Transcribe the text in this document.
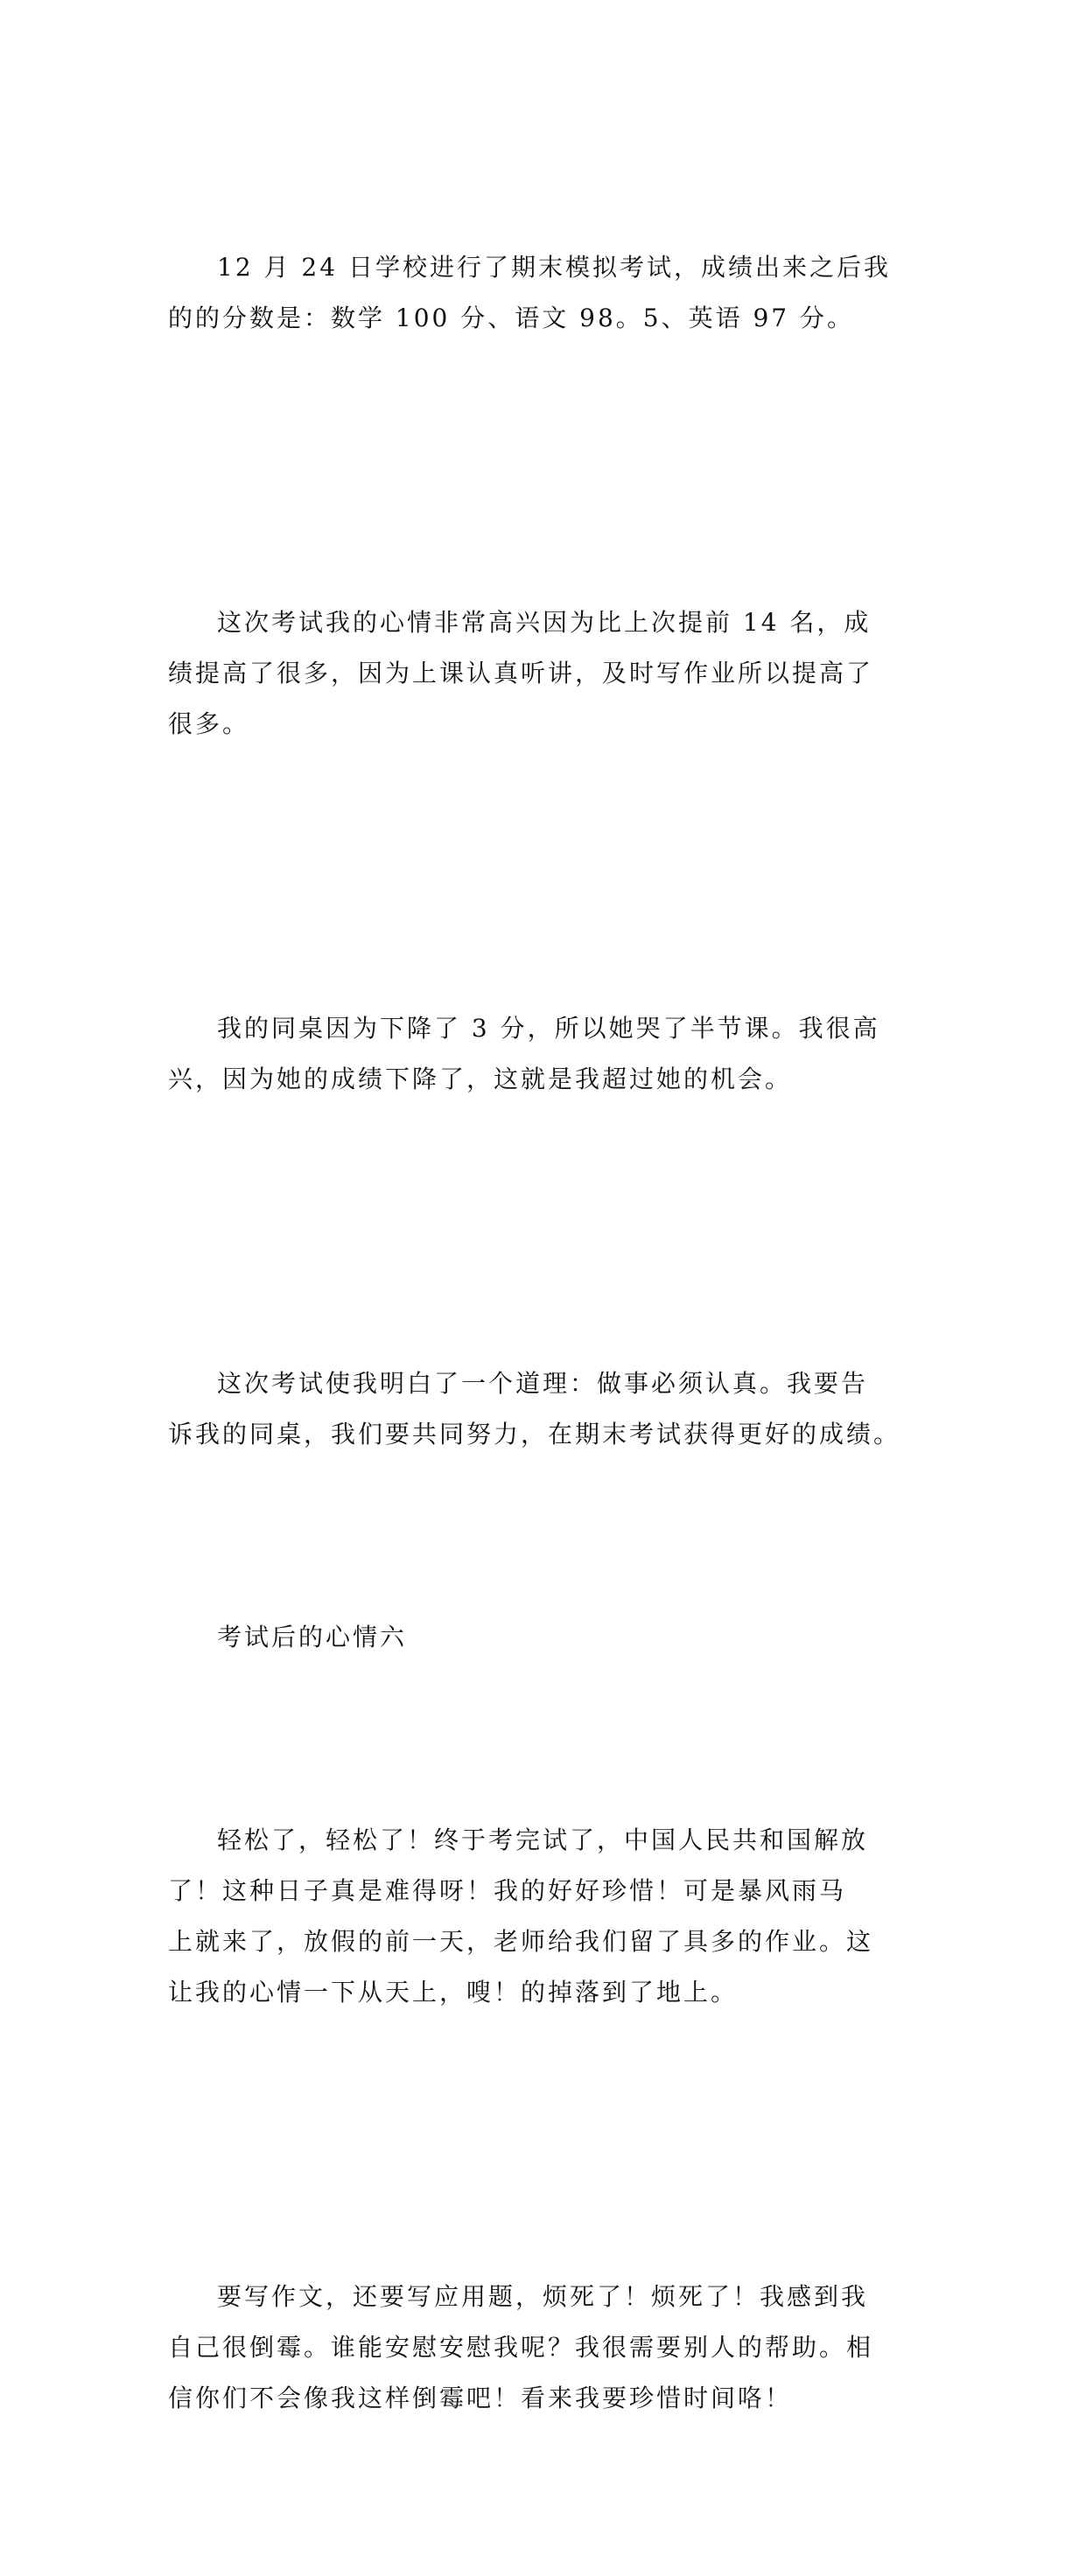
12 月 24 日学校进行了期末模拟考试，成绩出来之后我
的的分数是：数学 100 分、语文 98。5、英语 97 分。

这次考试我的心情非常高兴因为比上次提前 14 名，成
绩提高了很多，因为上课认真听讲，及时写作业所以提高了
很多。

我的同桌因为下降了 3 分，所以她哭了半节课。我很高
兴，因为她的成绩下降了，这就是我超过她的机会。

这次考试使我明白了一个道理：做事必须认真。我要告
诉我的同桌，我们要共同努力，在期末考试获得更好的成绩。

考试后的心情六

轻松了，轻松了！终于考完试了，中国人民共和国解放
了！这种日子真是难得呀！我的好好珍惜！可是暴风雨马
上就来了，放假的前一天，老师给我们留了具多的作业。这
让我的心情一下从天上，嗖！的掉落到了地上。

要写作文，还要写应用题，烦死了！烦死了！我感到我
自己很倒霉。谁能安慰安慰我呢？我很需要别人的帮助。相
信你们不会像我这样倒霉吧！看来我要珍惜时间咯！
